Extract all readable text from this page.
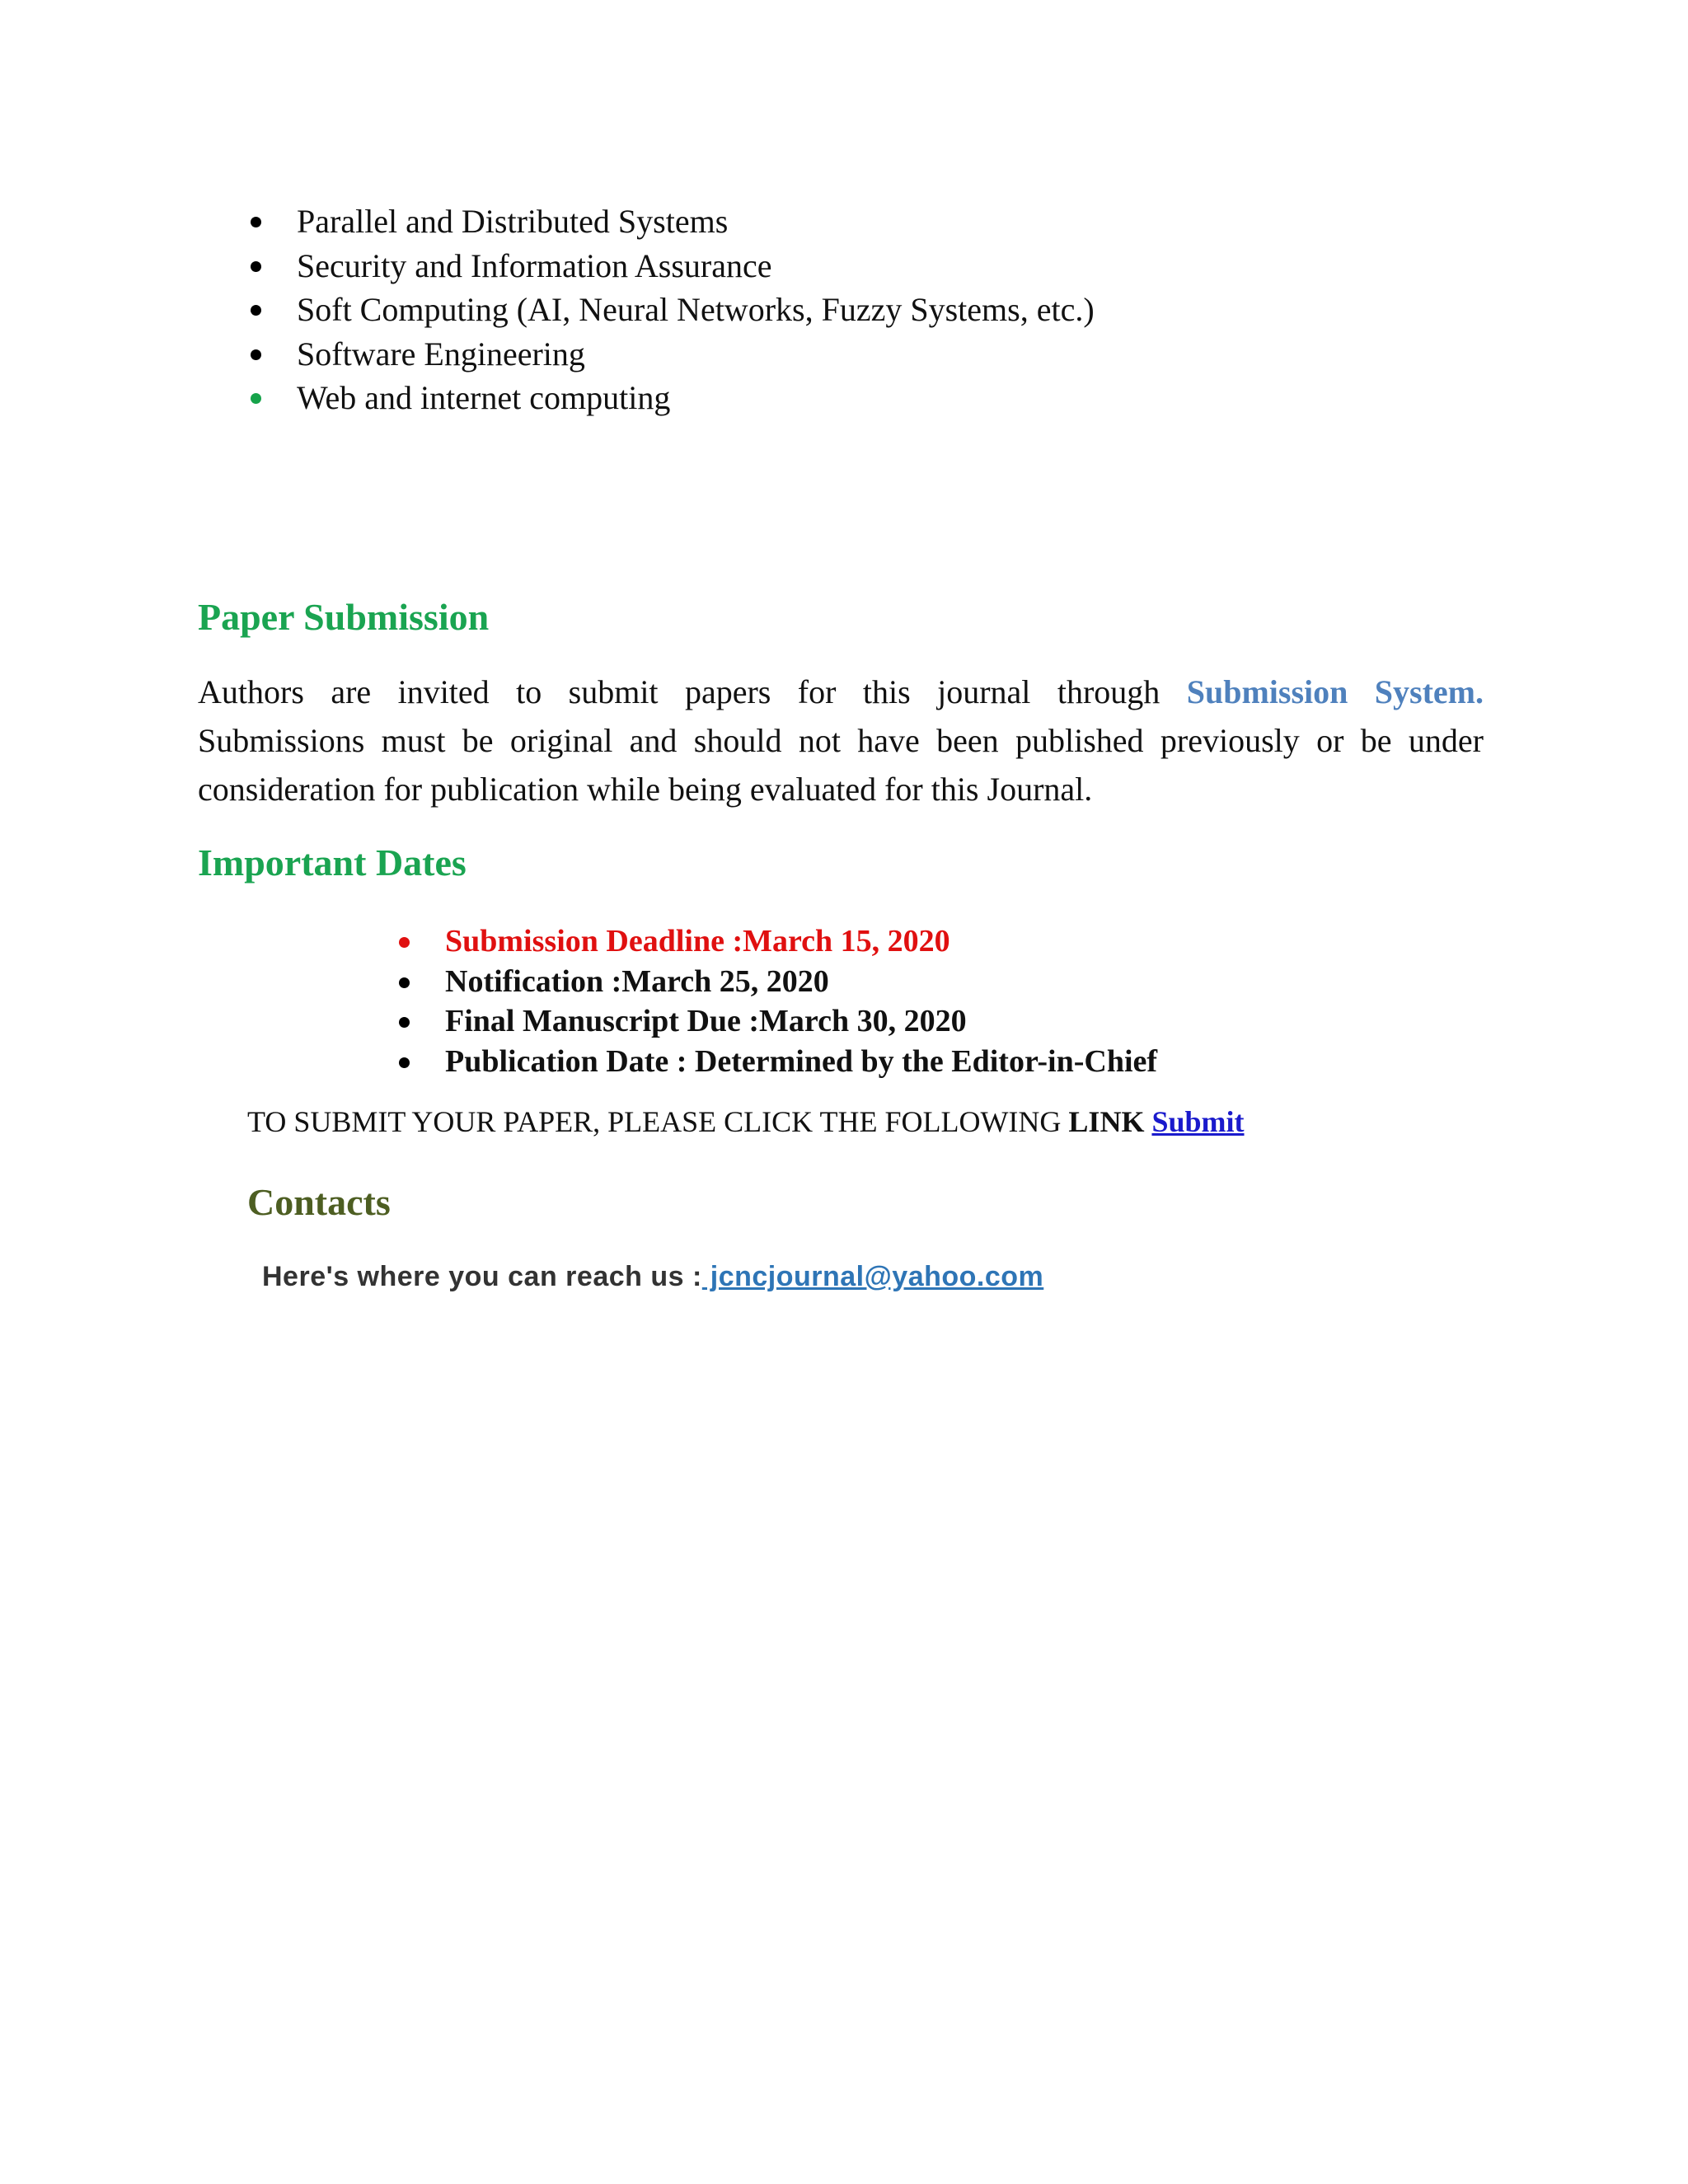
Parallel and Distributed Systems
Security and Information Assurance
Soft Computing (AI, Neural Networks, Fuzzy Systems, etc.)
Software Engineering
Web and internet computing
Paper Submission
Authors are invited to submit papers for this journal through Submission System.
Submissions must be original and should not have been published previously or be under
consideration for publication while being evaluated for this Journal.
Important Dates
Submission Deadline :March 15, 2020
Notification :March 25, 2020
Final Manuscript Due :March 30, 2020
Publication Date : Determined by the Editor-in-Chief

TO SUBMIT YOUR PAPER, PLEASE CLICK THE FOLLOWING LINK Submit

Contacts

Here's where you can reach us : jcncjournal@yahoo.com
